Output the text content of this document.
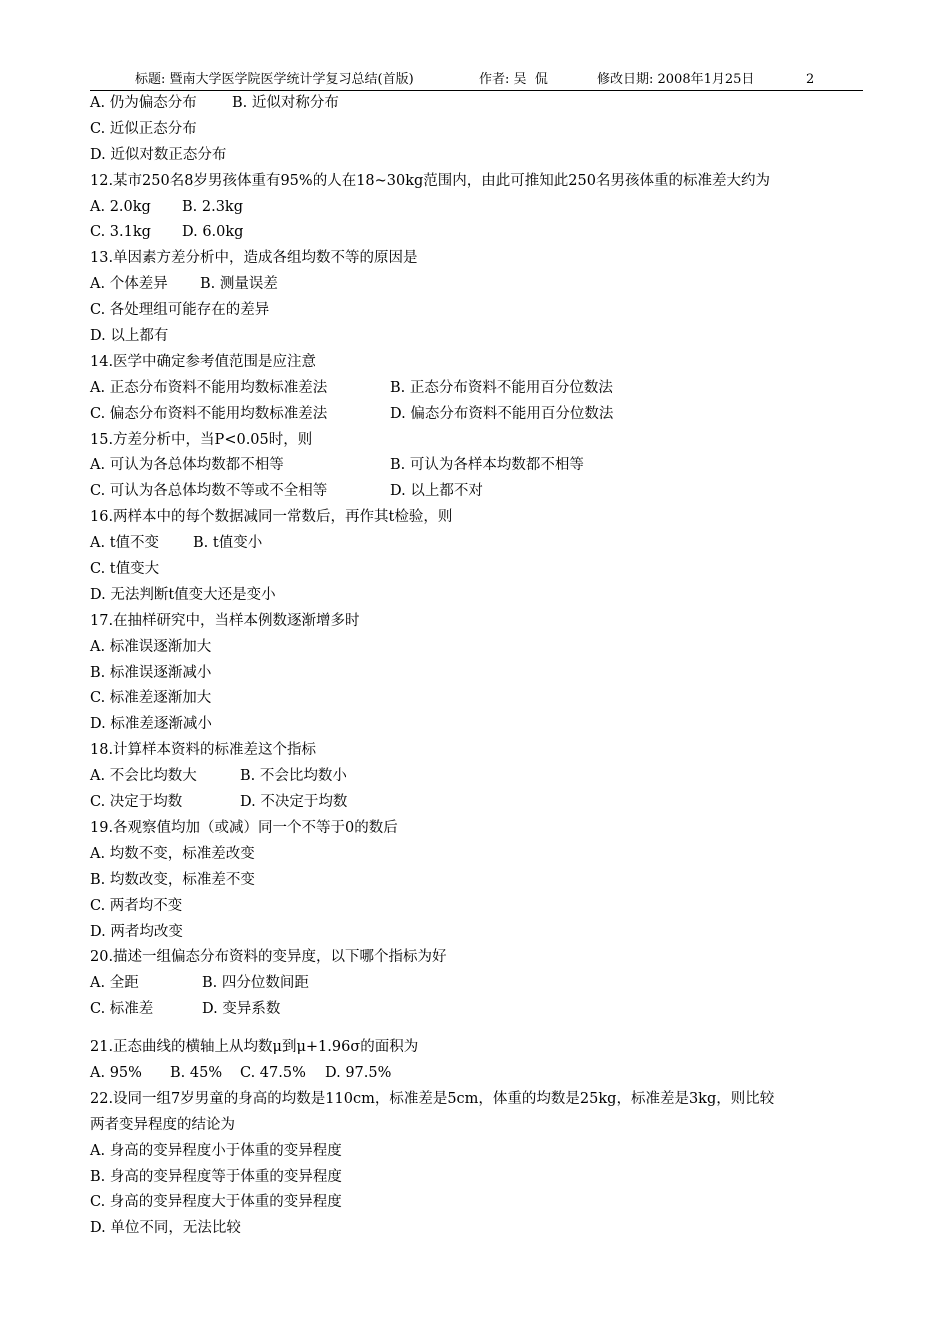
标题: 暨南大学医学院医学统计学复习总结(首版)	作者: 吴  侃	修改日期: 2008年1月25日	2
A. 仍为偏态分布 B. 近似对称分布
C. 近似正态分布
D. 近似对数正态分布
12.某市250名8岁男孩体重有95%的人在18~30kg范围内，由此可推知此250名男孩体重的标准差大约为
A. 2.0kg B. 2.3kg
C. 3.1kg D. 6.0kg
13.单因素方差分析中，造成各组均数不等的原因是
A. 个体差异 B. 测量误差
C. 各处理组可能存在的差异
D. 以上都有
14.医学中确定参考值范围是应注意
A. 正态分布资料不能用均数标准差法	B. 正态分布资料不能用百分位数法
C. 偏态分布资料不能用均数标准差法	D. 偏态分布资料不能用百分位数法
15.方差分析中，当P<0.05时，则
A. 可认为各总体均数都不相等	B. 可认为各样本均数都不相等
C. 可认为各总体均数不等或不全相等	D. 以上都不对
16.两样本中的每个数据减同一常数后，再作其t检验，则
A. t值不变 B. t值变小
C. t值变大
D. 无法判断t值变大还是变小
17.在抽样研究中，当样本例数逐渐增多时
A. 标准误逐渐加大
B. 标准误逐渐减小
C. 标准差逐渐加大
D. 标准差逐渐减小
18.计算样本资料的标准差这个指标
A. 不会比均数大	B. 不会比均数小
C. 决定于均数	D. 不决定于均数
19.各观察值均加（或减）同一个不等于0的数后
A. 均数不变，标准差改变
B. 均数改变，标准差不变
C. 两者均不变
D. 两者均改变
20.描述一组偏态分布资料的变异度，以下哪个指标为好
A. 全距	B. 四分位数间距
C. 标准差	D. 变异系数
21.正态曲线的横轴上从均数μ到μ+1.96σ的面积为
A. 95% B. 45% C. 47.5% D. 97.5%
22.设同一组7岁男童的身高的均数是110cm，标准差是5cm，体重的均数是25kg，标准差是3kg，则比较
两者变异程度的结论为
A. 身高的变异程度小于体重的变异程度
B. 身高的变异程度等于体重的变异程度
C. 身高的变异程度大于体重的变异程度
D. 单位不同，无法比较
